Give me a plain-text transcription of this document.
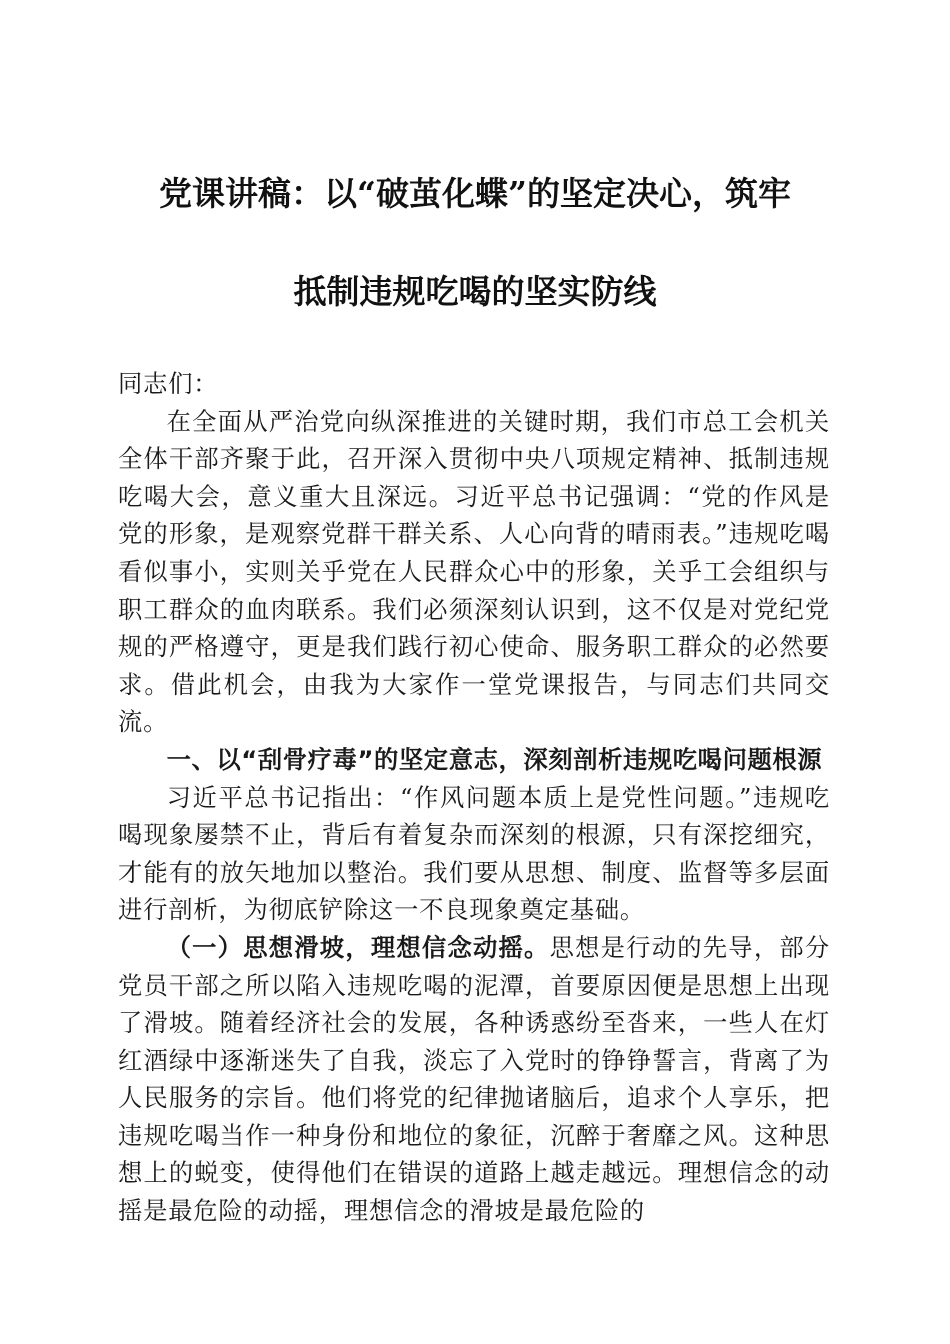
党课讲稿：以“破茧化蝶”的坚定决心，筑牢
抵制违规吃喝的坚实防线

同志们：

在全面从严治党向纵深推进的关键时期，我们市总工会机关全体干部齐聚于此，召开深入贯彻中央八项规定精神、抵制违规吃喝大会，意义重大且深远。习近平总书记强调：“党的作风是党的形象，是观察党群干群关系、人心向背的晴雨表。”违规吃喝看似事小，实则关乎党在人民群众心中的形象，关乎工会组织与职工群众的血肉联系。我们必须深刻认识到，这不仅是对党纪党规的严格遵守，更是我们践行初心使命、服务职工群众的必然要求。借此机会，由我为大家作一堂党课报告，与同志们共同交流。

一、以“刮骨疗毒”的坚定意志，深刻剖析违规吃喝问题根源

习近平总书记指出：“作风问题本质上是党性问题。”违规吃喝现象屡禁不止，背后有着复杂而深刻的根源，只有深挖细究，才能有的放矢地加以整治。我们要从思想、制度、监督等多层面进行剖析，为彻底铲除这一不良现象奠定基础。

（一）思想滑坡，理想信念动摇。思想是行动的先导，部分党员干部之所以陷入违规吃喝的泥潭，首要原因便是思想上出现了滑坡。随着经济社会的发展，各种诱惑纷至沓来，一些人在灯红酒绿中逐渐迷失了自我，淡忘了入党时的铮铮誓言，背离了为人民服务的宗旨。他们将党的纪律抛诸脑后，追求个人享乐，把违规吃喝当作一种身份和地位的象征，沉醉于奢靡之风。这种思想上的蜕变，使得他们在错误的道路上越走越远。理想信念的动摇是最危险的动摇，理想信念的滑坡是最危险的
